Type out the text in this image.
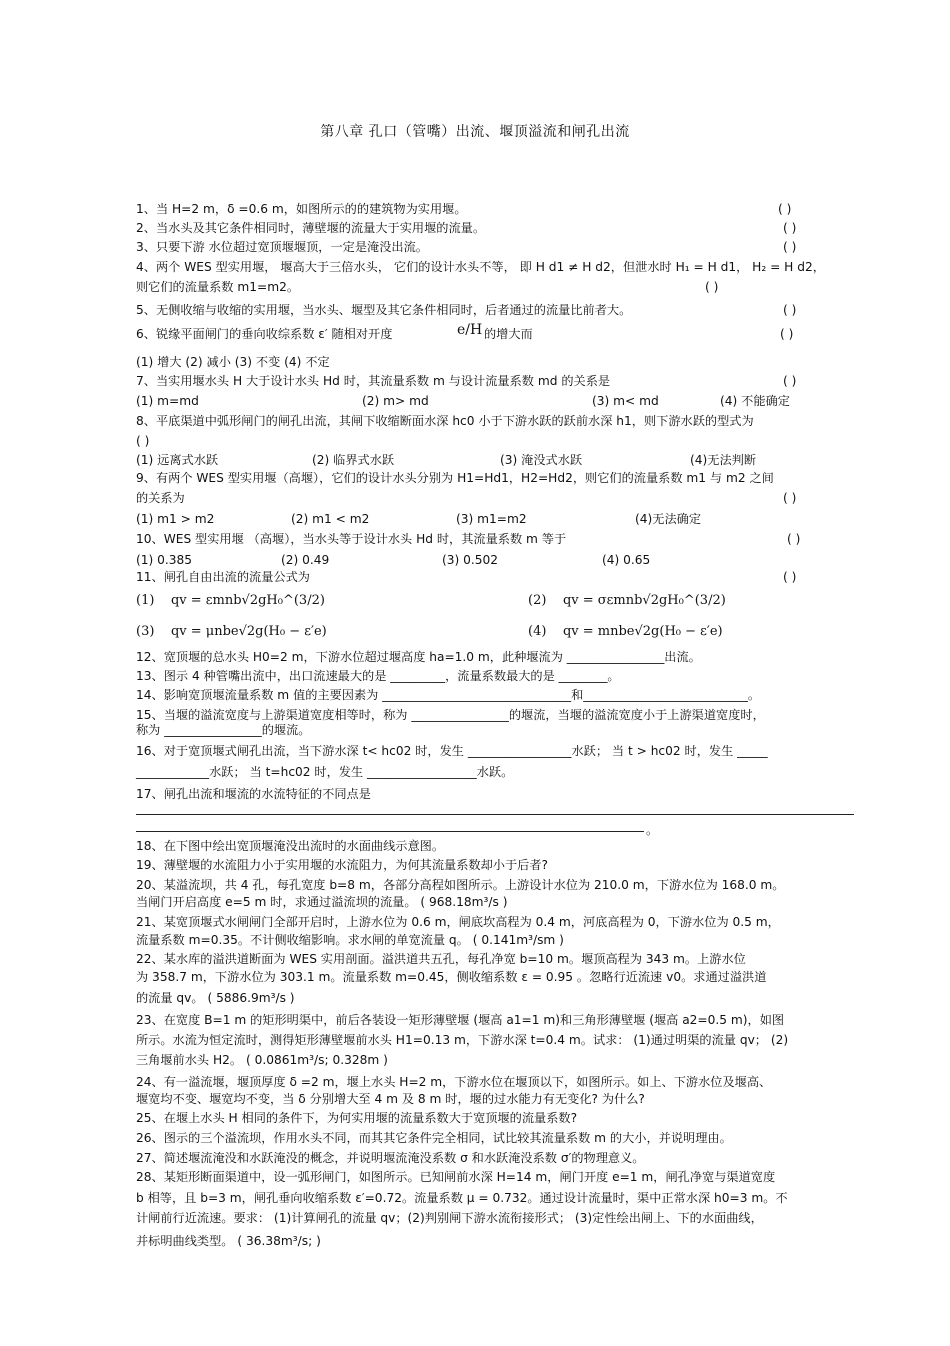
第八章 孔口（管嘴）出流、堰顶溢流和闸孔出流
1、当 H=2 m，δ =0.6 m，如图所示的的建筑物为实用堰。
2、当水头及其它条件相同时，薄壁堰的流量大于实用堰的流量。
3、只要下游 水位超过宽顶堰堰顶，一定是淹没出流。
4、两个 WES 型实用堰， 堰高大于三倍水头， 它们的设计水头不等， 即 H d1 ≠ H d2，但泄水时 H₁ = H d1， H₂ = H d2，
则它们的流量系数 m1=m2。
5、无侧收缩与收缩的实用堰，当水头、堰型及其它条件相同时，后者通过的流量比前者大。
6、锐缘平面闸门的垂向收综系数 ε′ 随相对开度
(1) 增大 (2) 减小 (3) 不变 (4) 不定
7、当实用堰水头 H 大于设计水头 Hd 时，其流量系数 m 与设计流量系数 md 的关系是
8、平底渠道中弧形闸门的闸孔出流，其闸下收缩断面水深 hc0 小于下游水跃的跃前水深 h1，则下游水跃的型式为
( )
(1) 远离式水跃
9、有两个 WES 型实用堰（高堰），它们的设计水头分别为 H1=Hd1，H2=Hd2，则它们的流量系数 m1 与 m2 之间
的关系为
(1) m1 > m2
10、WES 型实用堰 （高堰），当水头等于设计水头 Hd 时，其流量系数 m 等于
(1) 0.385
11、闸孔自由出流的流量公式为
12、宽顶堰的总水头 H0=2 m，下游水位超过堰高度 ha=1.0 m，此种堰流为 ________________出流。
13、图示 4 种管嘴出流中，出口流速最大的是 _________，流量系数最大的是 ________。
14、影响宽顶堰流量系数 m 值的主要因素为 _______________________________和___________________________。
15、当堰的溢流宽度与上游渠道宽度相等时，称为 ________________的堰流，当堰的溢流宽度小于上游渠道宽度时，
称为 ________________的堰流。
16、对于宽顶堰式闸孔出流，当下游水深 t< hc02 时，发生 _________________水跃； 当 t > hc02 时，发生 _____
____________水跃； 当 t=hc02 时，发生 __________________水跃。
17、闸孔出流和堰流的水流特征的不同点是
18、在下图中绘出宽顶堰淹没出流时的水面曲线示意图。
19、薄壁堰的水流阻力小于实用堰的水流阻力，为何其流量系数却小于后者?
20、某溢流坝，共 4 孔，每孔宽度 b=8 m，各部分高程如图所示。上游设计水位为 210.0 m，下游水位为 168.0 m。
当闸门开启高度 e=5 m 时，求通过溢流坝的流量。 ( 968.18m³/s )
21、某宽顶堰式水闸闸门全部开启时，上游水位为 0.6 m，闸底坎高程为 0.4 m，河底高程为 0，下游水位为 0.5 m，
流量系数 m=0.35。不计侧收缩影响。求水闸的单宽流量 q。 ( 0.141m³/sm )
22、某水库的溢洪道断面为 WES 实用剖面。溢洪道共五孔，每孔净宽 b=10 m。堰顶高程为 343 m。上游水位
为 358.7 m，下游水位为 303.1 m。流量系数 m=0.45，侧收缩系数 ε = 0.95 。忽略行近流速 v0。求通过溢洪道
的流量 qv。 ( 5886.9m³/s )
23、在宽度 B=1 m 的矩形明渠中，前后各装设一矩形薄壁堰 (堰高 a1=1 m)和三角形薄壁堰 (堰高 a2=0.5 m)，如图
所示。水流为恒定流时，测得矩形薄壁堰前水头 H1=0.13 m，下游水深 t=0.4 m。试求： (1)通过明渠的流量 qv； (2)
三角堰前水头 H2。 ( 0.0861m³/s; 0.328m )
24、有一溢流堰，堰顶厚度 δ =2 m，堰上水头 H=2 m，下游水位在堰顶以下，如图所示。如上、下游水位及堰高、
堰宽均不变、堰宽均不变，当 δ 分别增大至 4 m 及 8 m 时，堰的过水能力有无变化? 为什么?
25、在堰上水头 H 相同的条件下，为何实用堰的流量系数大于宽顶堰的流量系数?
26、图示的三个溢流坝，作用水头不同，而其其它条件完全相同，试比较其流量系数 m 的大小，并说明理由。
27、简述堰流淹没和水跃淹没的概念，并说明堰流淹没系数 σ 和水跃淹没系数 σ′的物理意义。
28、某矩形断面渠道中，设一弧形闸门，如图所示。已知闸前水深 H=14 m，闸门开度 e=1 m，闸孔净宽与渠道宽度
b 相等，且 b=3 m，闸孔垂向收缩系数 ε′=0.72。流量系数 μ = 0.732。通过设计流量时，渠中正常水深 h0=3 m。不
计闸前行近流速。要求： (1)计算闸孔的流量 qv；(2)判别闸下游水流衔接形式； (3)定性绘出闸上、下的水面曲线，
并标明曲线类型。 ( 36.38m³/s; )
( )
( )
( )
( )
( )
( )
( )
( )
( )
( )
e/H 的增大而
(1) m=md	(2) m> md	(3) m< md	(4) 不能确定
(2) 临界式水跃	(3) 淹没式水跃	(4)无法判断
(2) m1 < m2	(3) m1=m2	(4)无法确定
(2) 0.49	(3) 0.502	(4) 0.65
(1) qv = εmnb√2gH₀^(3/2)	(2) qv = σεmnb√2gH₀^(3/2)
(3) qv = μnbe√2g(H₀ − ε′e)	(4) qv = mnbe√2g(H₀ − ε′e)
。
